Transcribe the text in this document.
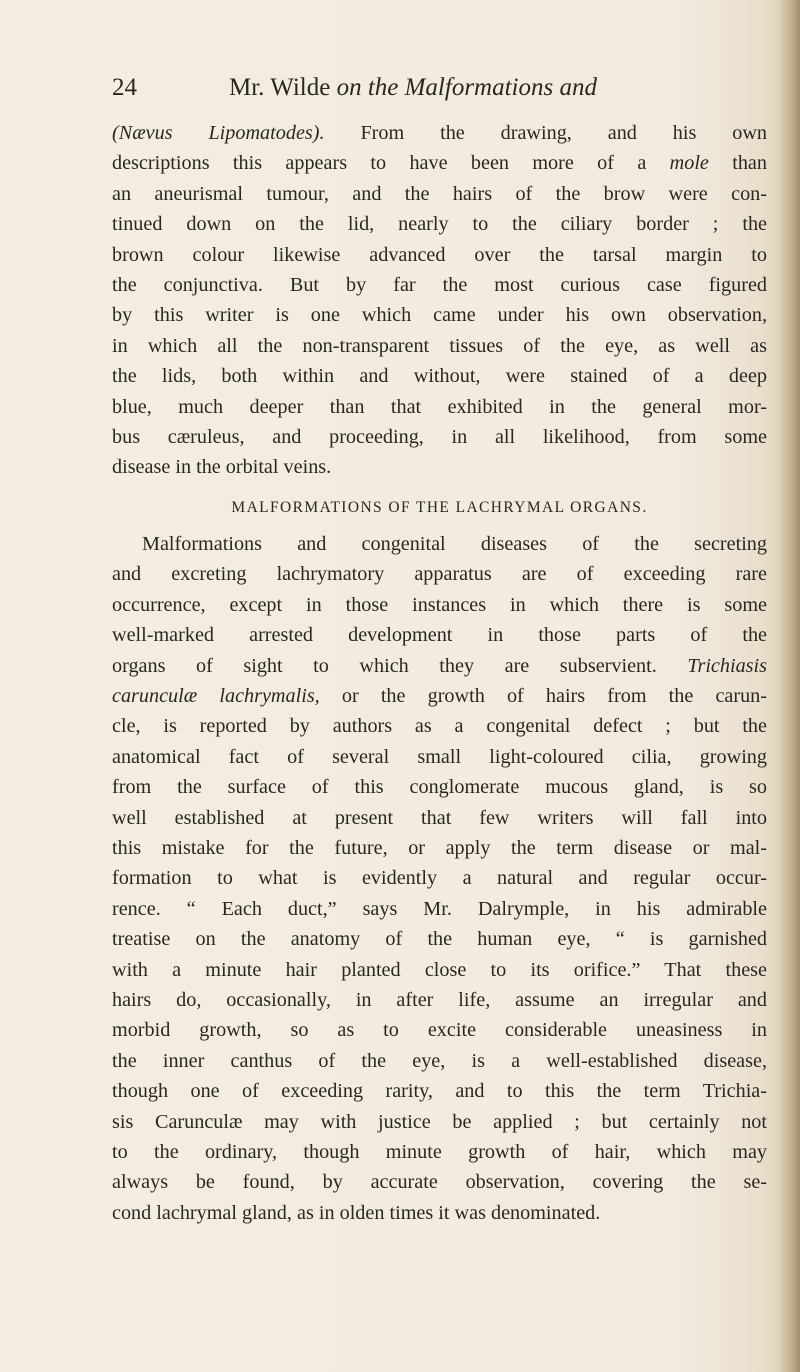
24	Mr. Wilde on the Malformations and
(Nævus Lipomatodes). From the drawing, and his own
descriptions this appears to have been more of a mole than
an aneurismal tumour, and the hairs of the brow were con-
tinued down on the lid, nearly to the ciliary border ; the
brown colour likewise advanced over the tarsal margin to
the conjunctiva. But by far the most curious case figured
by this writer is one which came under his own observation,
in which all the non-transparent tissues of the eye, as well as
the lids, both within and without, were stained of a deep
blue, much deeper than that exhibited in the general mor-
bus cæruleus, and proceeding, in all likelihood, from some
disease in the orbital veins.
MALFORMATIONS OF THE LACHRYMAL ORGANS.
Malformations and congenital diseases of the secreting
and excreting lachrymatory apparatus are of exceeding rare
occurrence, except in those instances in which there is some
well-marked arrested development in those parts of the
organs of sight to which they are subservient. Trichiasis
carunculæ lachrymalis, or the growth of hairs from the carun-
cle, is reported by authors as a congenital defect ; but the
anatomical fact of several small light-coloured cilia, growing
from the surface of this conglomerate mucous gland, is so
well established at present that few writers will fall into
this mistake for the future, or apply the term disease or mal-
formation to what is evidently a natural and regular occur-
rence. “ Each duct,” says Mr. Dalrymple, in his admirable
treatise on the anatomy of the human eye, “ is garnished
with a minute hair planted close to its orifice.” That these
hairs do, occasionally, in after life, assume an irregular and
morbid growth, so as to excite considerable uneasiness in
the inner canthus of the eye, is a well-established disease,
though one of exceeding rarity, and to this the term Trichia-
sis Carunculæ may with justice be applied ; but certainly not
to the ordinary, though minute growth of hair, which may
always be found, by accurate observation, covering the se-
cond lachrymal gland, as in olden times it was denominated.
